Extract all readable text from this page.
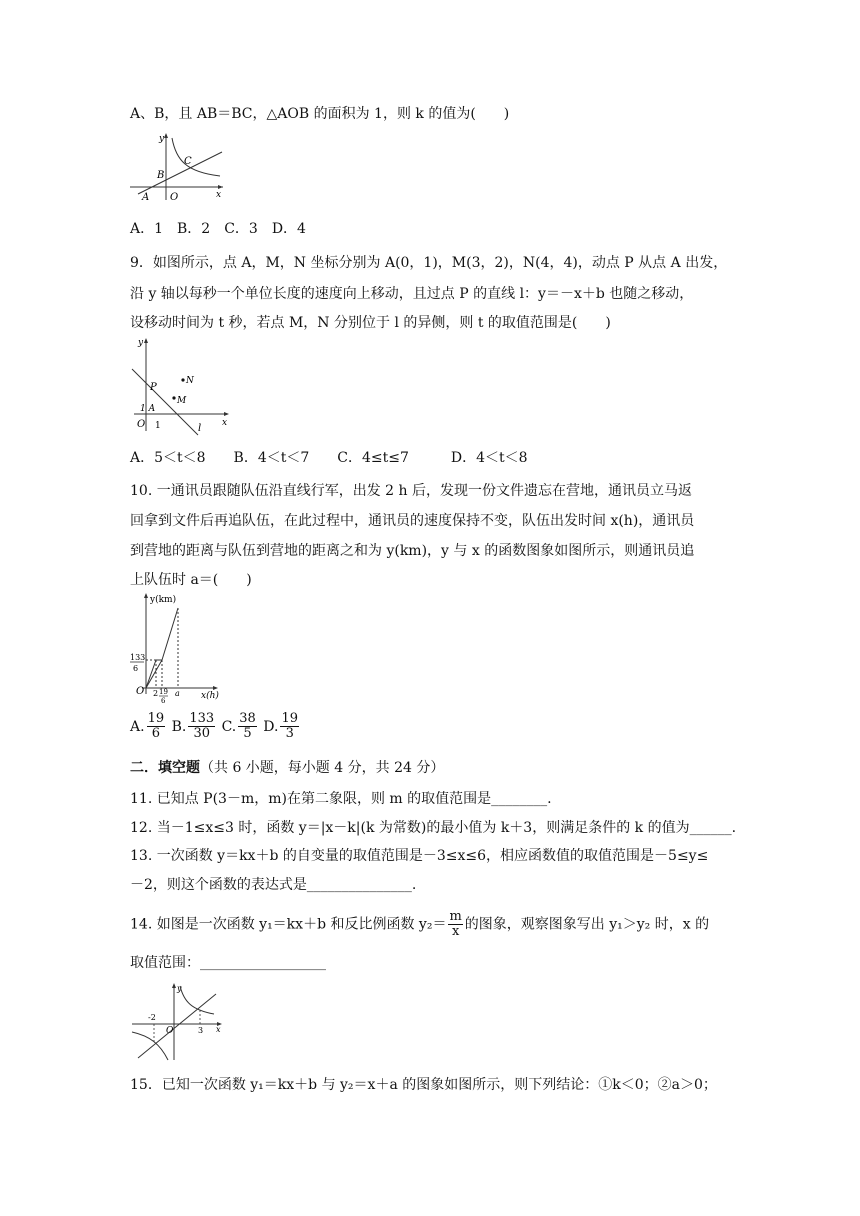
A、B，且 AB＝BC，△AOB 的面积为 1，则 k 的值为(　　)
y
x
A
B
C
O
A．1　B．2　C．3　D．4
9．如图所示，点 A，M，N 坐标分别为 A(0，1)，M(3，2)，N(4，4)，动点 P 从点 A 出发，
沿 y 轴以每秒一个单位长度的速度向上移动，且过点 P 的直线 l：y＝－x＋b 也随之移动，
设移动时间为 t 秒，若点 M，N 分别位于 l 的异侧，则 t 的取值范围是(　　)
y
x
P
N
M
1 A
O 1	l
A．5＜t＜8　　B．4＜t＜7　　C．4≤t≤7　　　D．4＜t＜8
10. 一通讯员跟随队伍沿直线行军，出发 2 h 后，发现一份文件遗忘在营地，通讯员立马返
回拿到文件后再追队伍，在此过程中，通讯员的速度保持不变，队伍出发时间 x(h)，通讯员
到营地的距离与队伍到营地的距离之和为 y(km)，y 与 x 的函数图象如图所示，则通讯员追
上队伍时 a＝(　　)
y(km)
x(h)
133
6
O 2 19
6
a
A. $\frac{19}{6} B$. $\frac{133}{30} C$. $\frac{38}{5} D$. $\frac{19}{3}$
二．填空题（共 6 小题，每小题 4 分，共 24 分）
11. 已知点 P(3－m，m)在第二象限，则 m 的取值范围是________.
12. 当－1≤x≤3 时，函数 y＝|x－k|(k 为常数)的最小值为 k＋3，则满足条件的 k 的值为______.
13. 一次函数 y＝kx＋b 的自变量的取值范围是－3≤x≤6，相应函数值的取值范围是－5≤y≤
－2，则这个函数的表达式是_______________.
14. 如图是一次函数 y₁＝kx＋b 和反比例函数 $y_2= \frac{m}{x}$ 的图象，观察图象写出 y₁＞y₂ 时，x 的
取值范围：__________________
y
x
-2
O	3
15．已知一次函数 y₁＝kx＋b 与 y₂＝x＋a 的图象如图所示，则下列结论：①k＜0；②a＞0；
